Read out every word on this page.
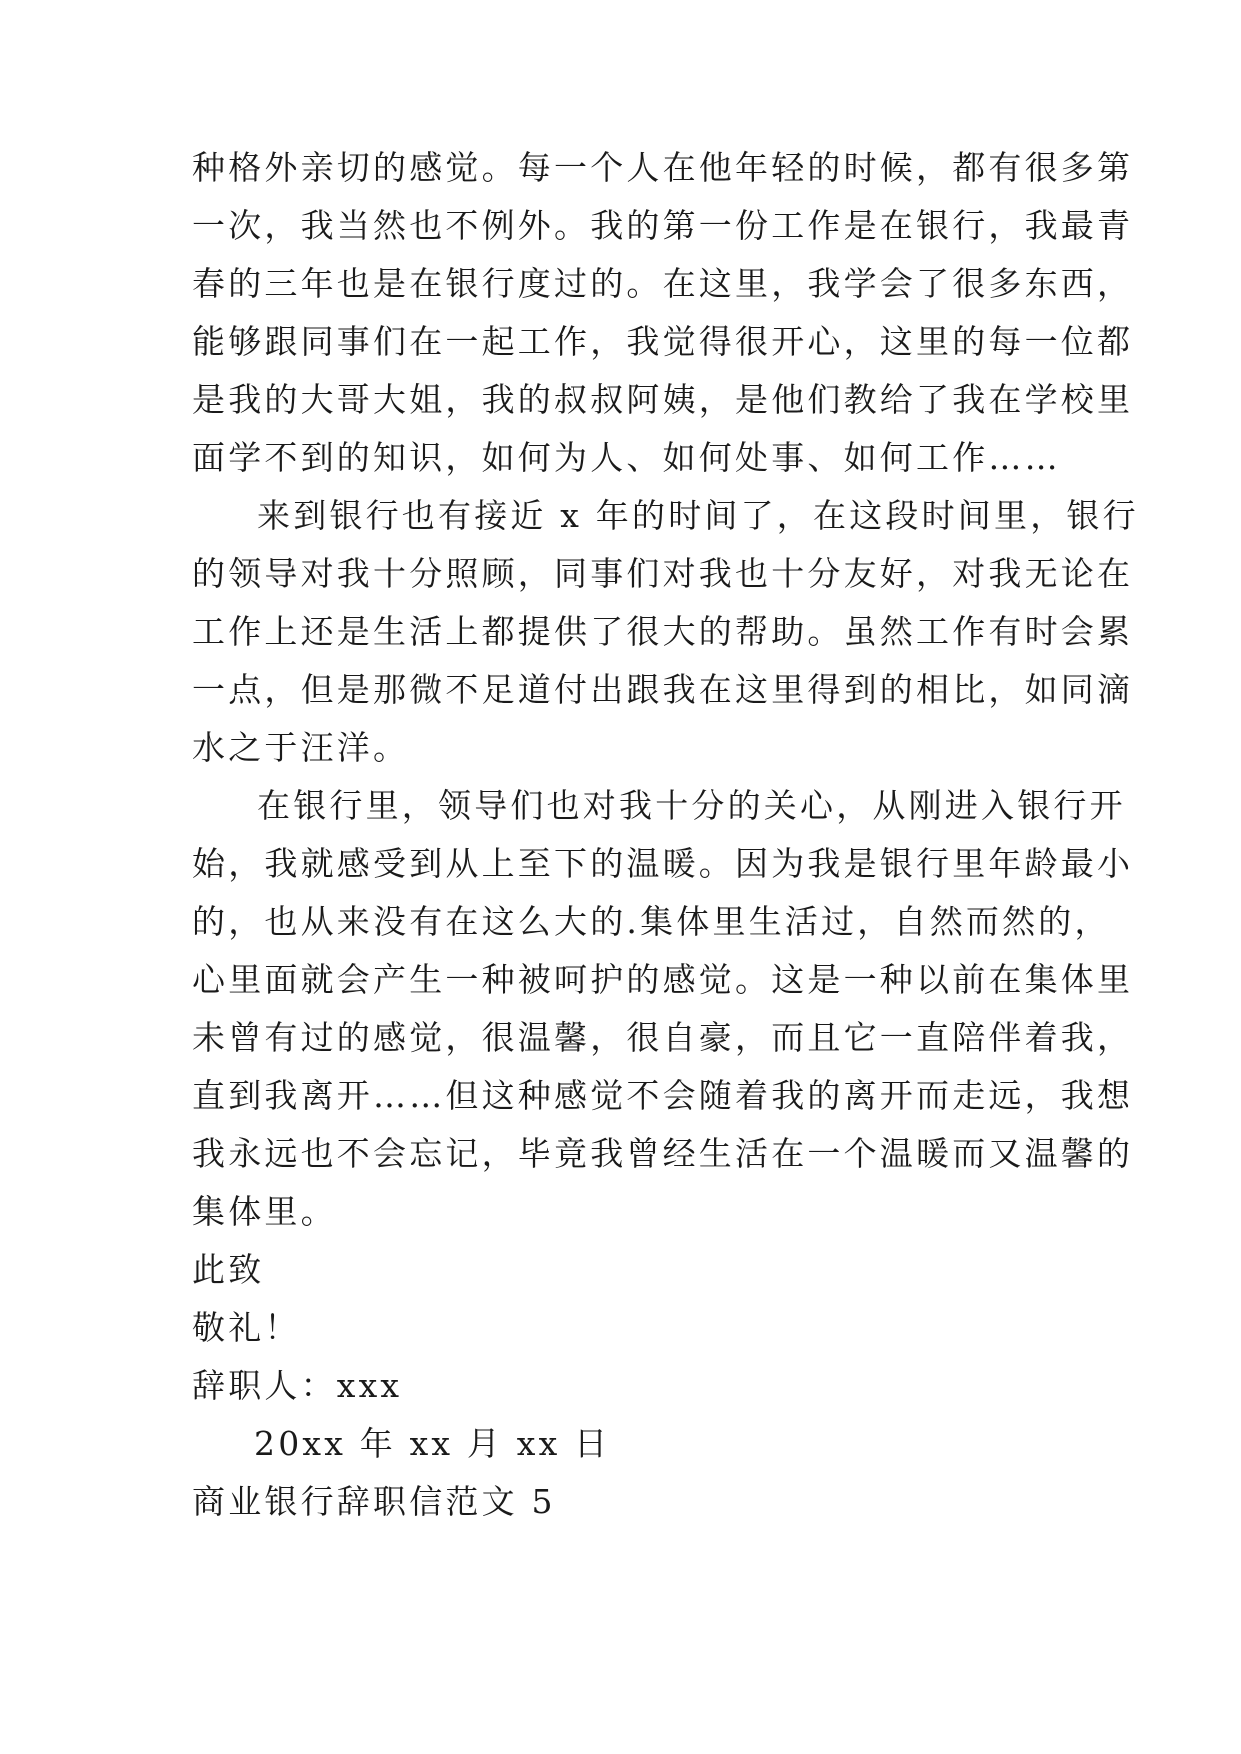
种格外亲切的感觉。每一个人在他年轻的时候，都有很多第
一次，我当然也不例外。我的第一份工作是在银行，我最青
春的三年也是在银行度过的。在这里，我学会了很多东西，
能够跟同事们在一起工作，我觉得很开心，这里的每一位都
是我的大哥大姐，我的叔叔阿姨，是他们教给了我在学校里
面学不到的知识，如何为人、如何处事、如何工作……
来到银行也有接近 x 年的时间了，在这段时间里，银行
的领导对我十分照顾，同事们对我也十分友好，对我无论在
工作上还是生活上都提供了很大的帮助。虽然工作有时会累
一点，但是那微不足道付出跟我在这里得到的相比，如同滴
水之于汪洋。
在银行里，领导们也对我十分的关心，从刚进入银行开
始，我就感受到从上至下的温暖。因为我是银行里年龄最小
的，也从来没有在这么大的.集体里生活过，自然而然的，
心里面就会产生一种被呵护的感觉。这是一种以前在集体里
未曾有过的感觉，很温馨，很自豪，而且它一直陪伴着我，
直到我离开……但这种感觉不会随着我的离开而走远，我想
我永远也不会忘记，毕竟我曾经生活在一个温暖而又温馨的
集体里。
此致
敬礼！
辞职人：xxx
20xx 年 xx 月 xx 日
商业银行辞职信范文 5
